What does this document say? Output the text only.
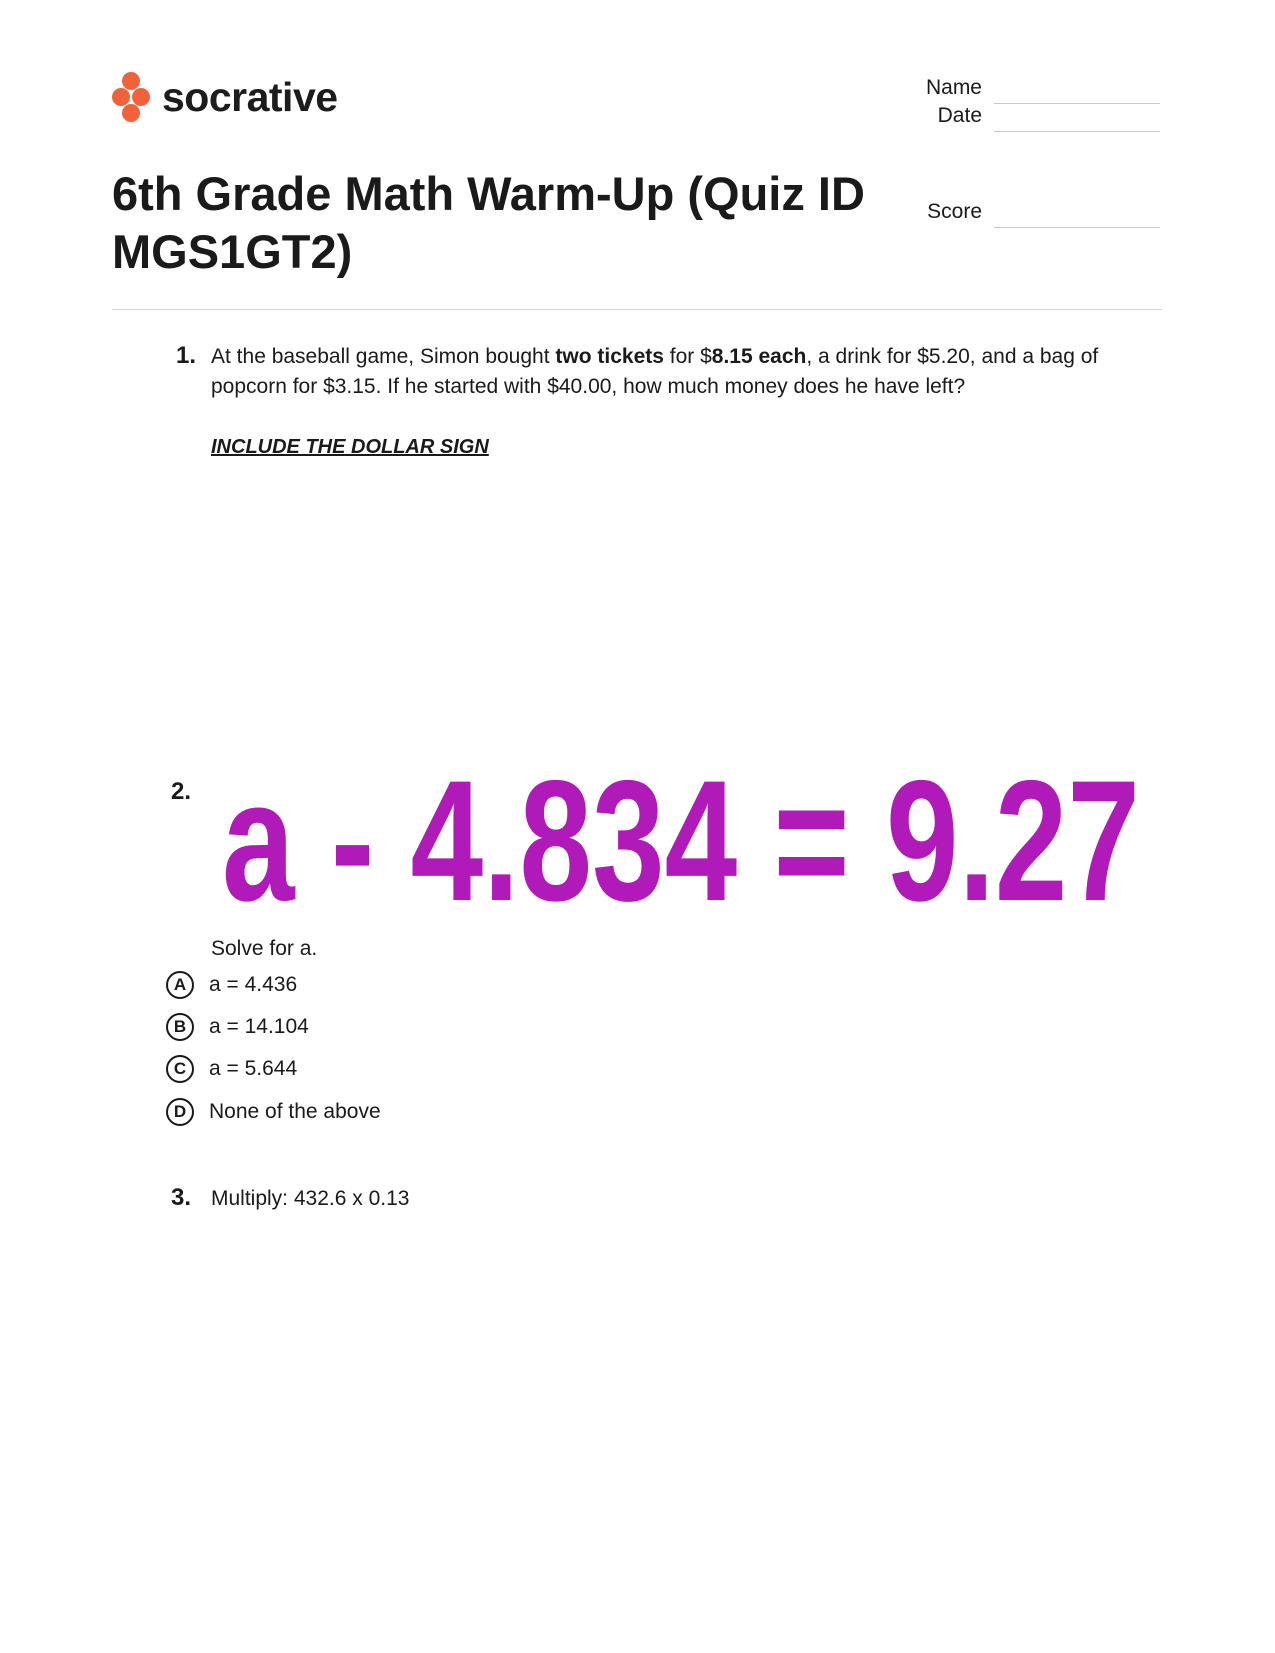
socrative	Name
Date
Score
6th Grade Math Warm-Up (Quiz ID MGS1GT2)
1. At the baseball game, Simon bought two tickets for $8.15 each, a drink for $5.20, and a bag of
popcorn for $3.15. If he started with $40.00, how much money does he have left?
INCLUDE THE DOLLAR SIGN
2. a - 4.834 = 9.27
Solve for a.
A	a = 4.436
B	a = 14.104
C	a = 5.644
D	None of the above
3. Multiply: 432.6 x 0.13
